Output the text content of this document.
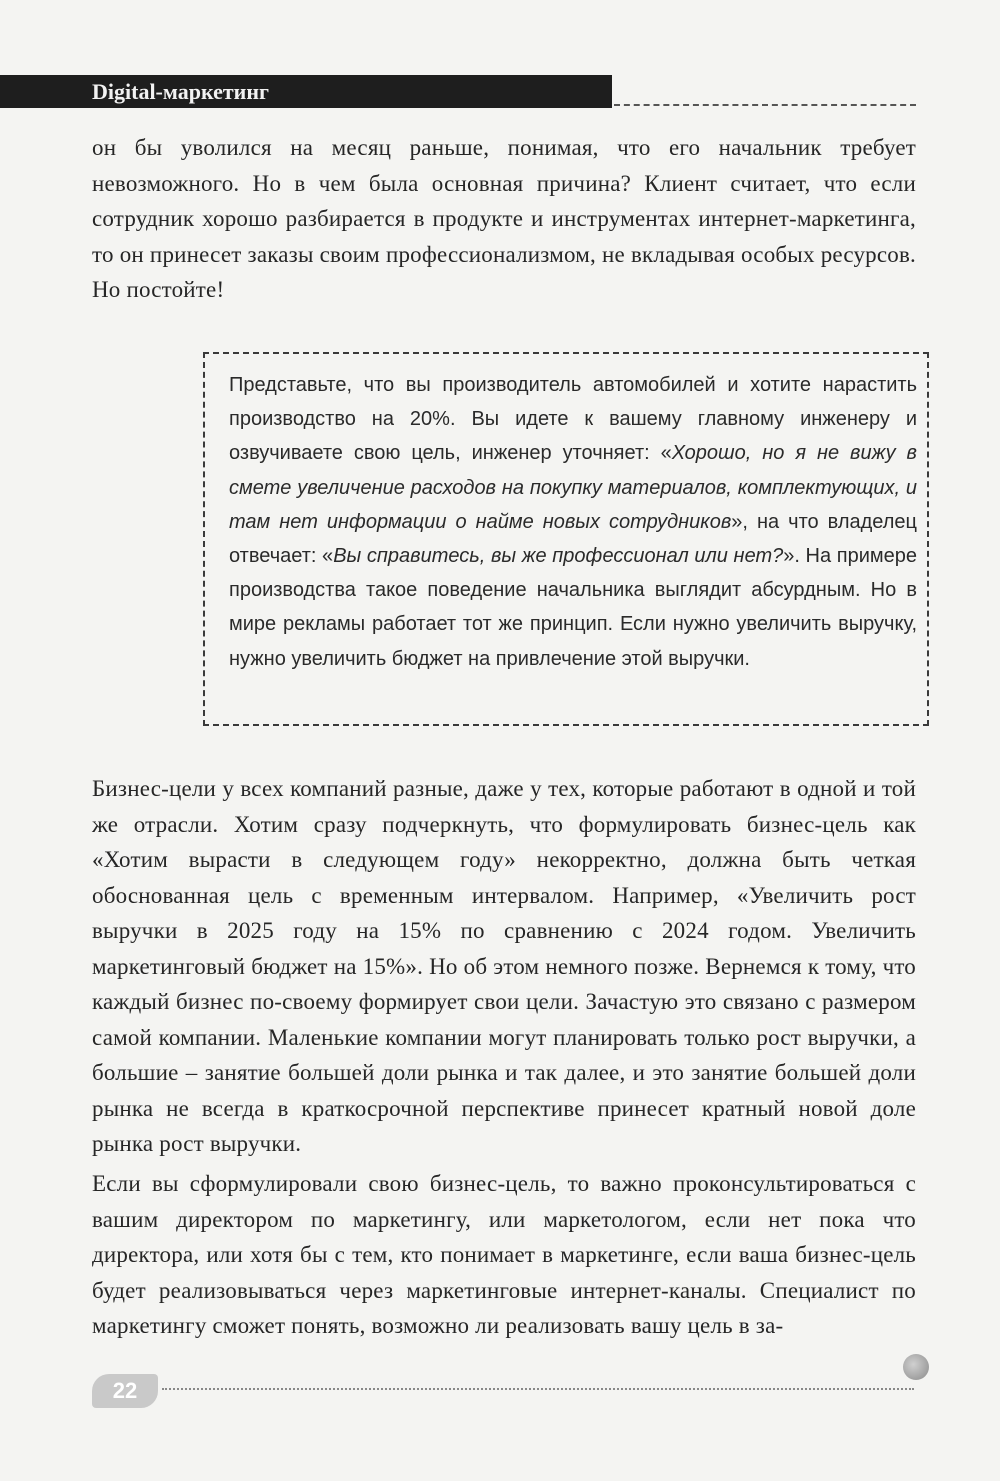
Digital-маркетинг

он бы уволился на месяц раньше, понимая, что его начальник требует невозможного. Но в чем была основная причина? Клиент считает, что если сотрудник хорошо разбирается в продукте и инструментах интернет-маркетинга, то он принесет заказы своим профессионализмом, не вкладывая особых ресурсов. Но постойте!

Представьте, что вы производитель автомобилей и хотите нарастить производство на 20%. Вы идете к вашему главному инженеру и озвучиваете свою цель, инженер уточняет: «Хорошо, но я не вижу в смете увеличение расходов на покупку материалов, комплектующих, и там нет информации о найме новых сотрудников», на что владелец отвечает: «Вы справитесь, вы же профессионал или нет?». На примере производства такое поведение начальника выглядит абсурдным. Но в мире рекламы работает тот же принцип. Если нужно увеличить выручку, нужно увеличить бюджет на привлечение этой выручки.

Бизнес-цели у всех компаний разные, даже у тех, которые работают в одной и той же отрасли. Хотим сразу подчеркнуть, что формулировать бизнес-цель как «Хотим вырасти в следующем году» некорректно, должна быть четкая обоснованная цель с временным интервалом. Например, «Увеличить рост выручки в 2025 году на 15% по сравнению с 2024 годом. Увеличить маркетинговый бюджет на 15%». Но об этом немного позже. Вернемся к тому, что каждый бизнес по-своему формирует свои цели. Зачастую это связано с размером самой компании. Маленькие компании могут планировать только рост выручки, а большие – занятие большей доли рынка и так далее, и это занятие большей доли рынка не всегда в краткосрочной перспективе принесет кратный новой доле рынка рост выручки.

Если вы сформулировали свою бизнес-цель, то важно проконсультироваться с вашим директором по маркетингу, или маркетологом, если нет пока что директора, или хотя бы с тем, кто понимает в маркетинге, если ваша бизнес-цель будет реализовываться через маркетинговые интернет-каналы. Специалист по маркетингу сможет понять, возможно ли реализовать вашу цель в за-

22
